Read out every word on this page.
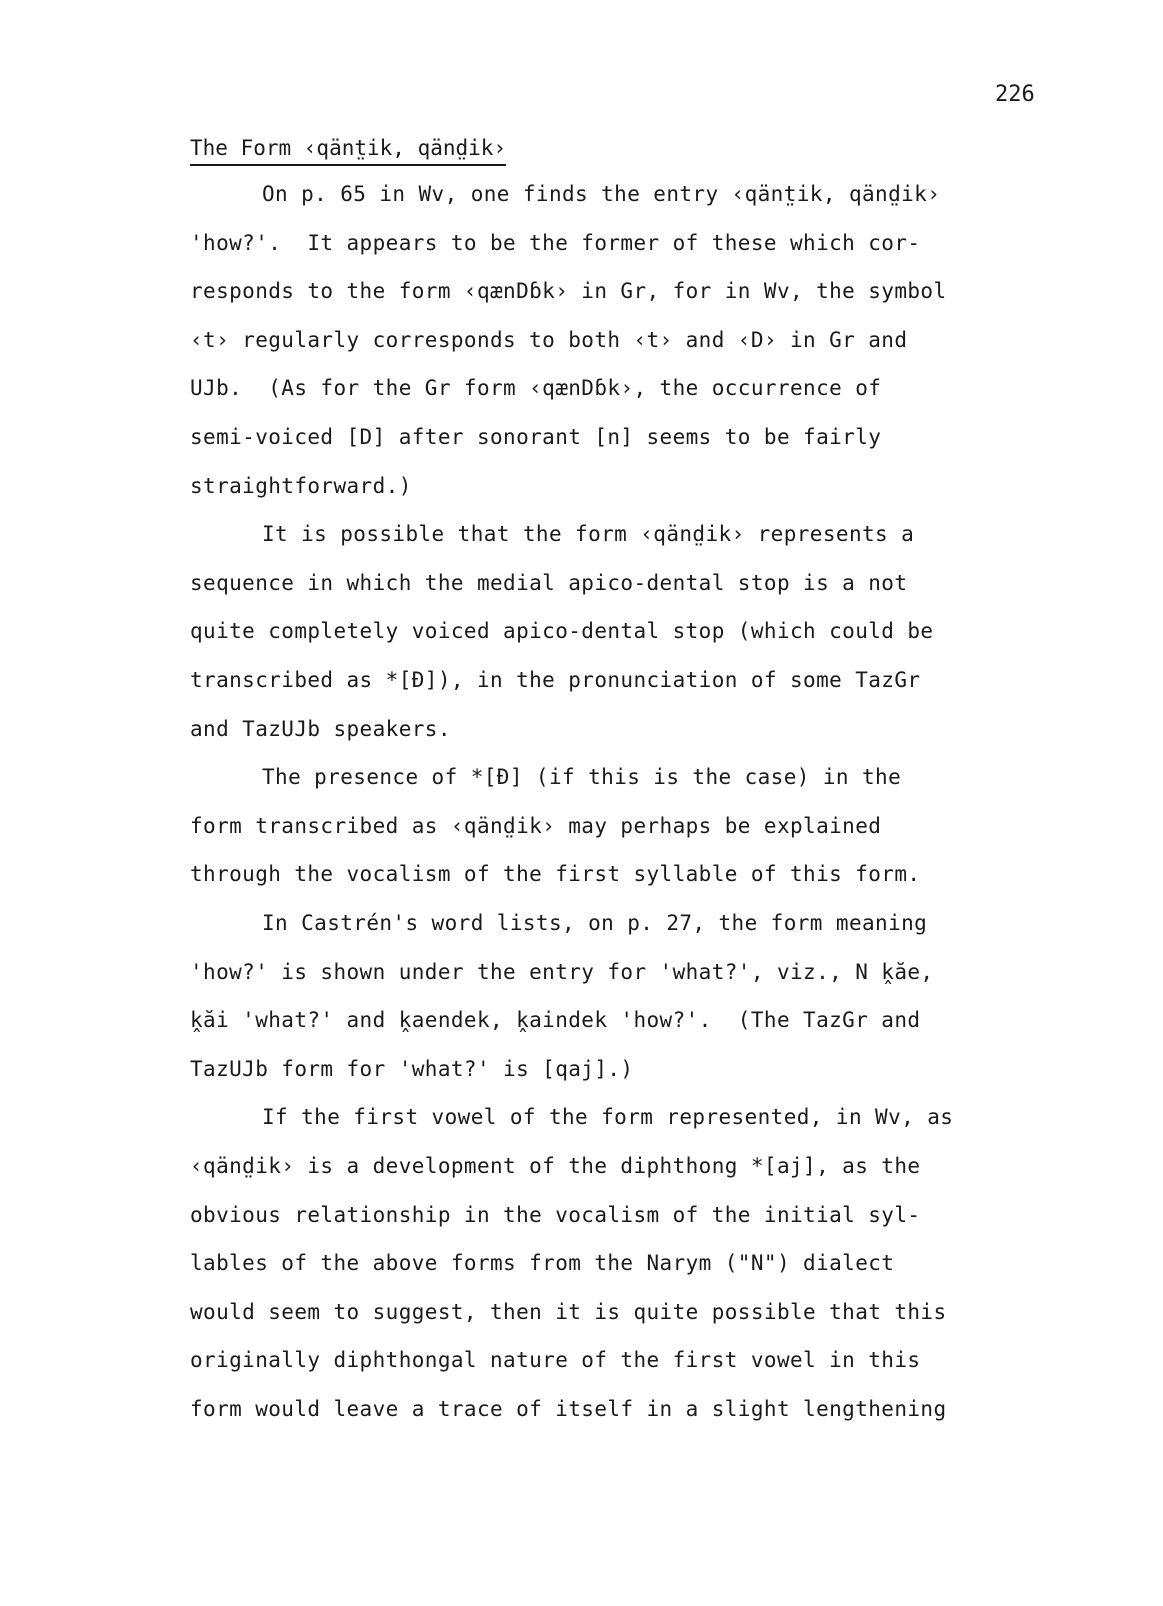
226
The Form ‹qänt̤ik, qänd̤ik›
On p. 65 in Wv, one finds the entry ‹qänt̤ik, qänd̤ik›
'how?'.  It appears to be the former of these which cor-
responds to the form ‹qænDɓk› in Gr, for in Wv, the symbol
‹t› regularly corresponds to both ‹t› and ‹D› in Gr and
UJb.  (As for the Gr form ‹qænDɓk›, the occurrence of
semi-voiced [D] after sonorant [n] seems to be fairly
straightforward.)
It is possible that the form ‹qänd̤ik› represents a
sequence in which the medial apico-dental stop is a not
quite completely voiced apico-dental stop (which could be
transcribed as *[Đ]), in the pronunciation of some TazGr
and TazUJb speakers.
The presence of *[Đ] (if this is the case) in the
form transcribed as ‹qänd̤ik› may perhaps be explained
through the vocalism of the first syllable of this form.
In Castrén's word lists, on p. 27, the form meaning
'how?' is shown under the entry for 'what?', viz., N k̭ăe,
k̭ăi 'what?' and k̭aendek, k̭aindek 'how?'.  (The TazGr and
TazUJb form for 'what?' is [qaj].)
If the first vowel of the form represented, in Wv, as
‹qänd̤ik› is a development of the diphthong *[aj], as the
obvious relationship in the vocalism of the initial syl-
lables of the above forms from the Narym ("N") dialect
would seem to suggest, then it is quite possible that this
originally diphthongal nature of the first vowel in this
form would leave a trace of itself in a slight lengthening
